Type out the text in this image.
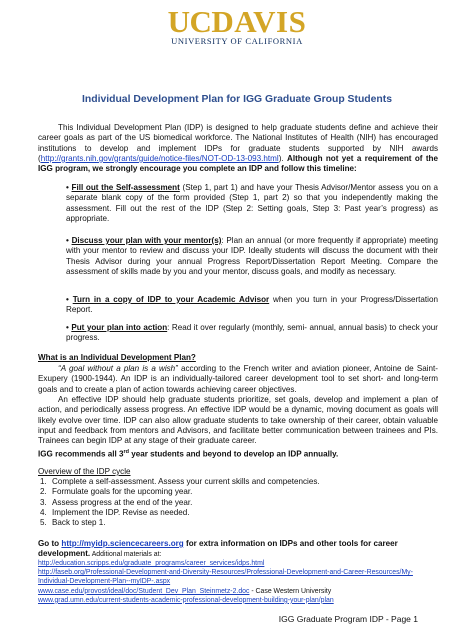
UCDAVIS
UNIVERSITY OF CALIFORNIA
Individual Development Plan for IGG Graduate Group Students

This Individual Development Plan (IDP) is designed to help graduate students define and achieve their career goals as part of the US biomedical workforce. The National Institutes of Health (NIH) has encouraged institutions to develop and implement IDPs for graduate students supported by NIH awards (http://grants.nih.gov/grants/guide/notice-files/NOT-OD-13-093.html). Although not yet a requirement of the IGG program, we strongly encourage you complete an IDP and follow this timeline:

• Fill out the Self-assessment (Step 1, part 1) and have your Thesis Advisor/Mentor assess you on a separate blank copy of the form provided (Step 1, part 2) so that you independently making the assessment. Fill out the rest of the IDP (Step 2: Setting goals, Step 3: Past year’s progress) as appropriate.

• Discuss your plan with your mentor(s): Plan an annual (or more frequently if appropriate) meeting with your mentor to review and discuss your IDP. Ideally students will discuss the document with their Thesis Advisor during your annual Progress Report/Dissertation Report Meeting. Compare the assessment of skills made by you and your mentor, discuss goals, and modify as necessary.

• Turn in a copy of IDP to your Academic Advisor when you turn in your Progress/Dissertation Report.

• Put your plan into action: Read it over regularly (monthly, semi- annual, annual basis) to check your progress.

What is an Individual Development Plan?

“A goal without a plan is a wish” according to the French writer and aviation pioneer, Antoine de Saint-Exupery (1900-1944). An IDP is an individually-tailored career development tool to set short- and long-term goals and to create a plan of action towards achieving career objectives.

An effective IDP should help graduate students prioritize, set goals, develop and implement a plan of action, and periodically assess progress. An effective IDP would be a dynamic, moving document as goals will likely evolve over time. IDP can also allow graduate students to take ownership of their career, obtain valuable input and feedback from mentors and Advisors, and facilitate better communication between trainees and PIs. Trainees can begin IDP at any stage of their graduate career.

IGG recommends all 3rd year students and beyond to develop an IDP annually.

Overview of the IDP cycle

1. Complete a self-assessment. Assess your current skills and competencies.
2. Formulate goals for the upcoming year.
3. Assess progress at the end of the year.
4. Implement the IDP. Revise as needed.
5. Back to step 1.

Go to http://myidp.sciencecareers.org for extra information on IDPs and other tools for career development. Additional materials at:

http://education.scripps.edu/graduate_programs/career_services/idps.html
http://faseb.org/Professional-Development-and-Diversity-Resources/Professional-Development-and-Career-Resources/My-Individual-Development-Plan--myIDP-.aspx
www.case.edu/provost/ideal/doc/Student_Dev_Plan_Steinmetz-2.doc - Case Western University
www.grad.umn.edu/current-students-academic-professional-development-building-your-plan/plan
IGG Graduate Program IDP - Page 1
